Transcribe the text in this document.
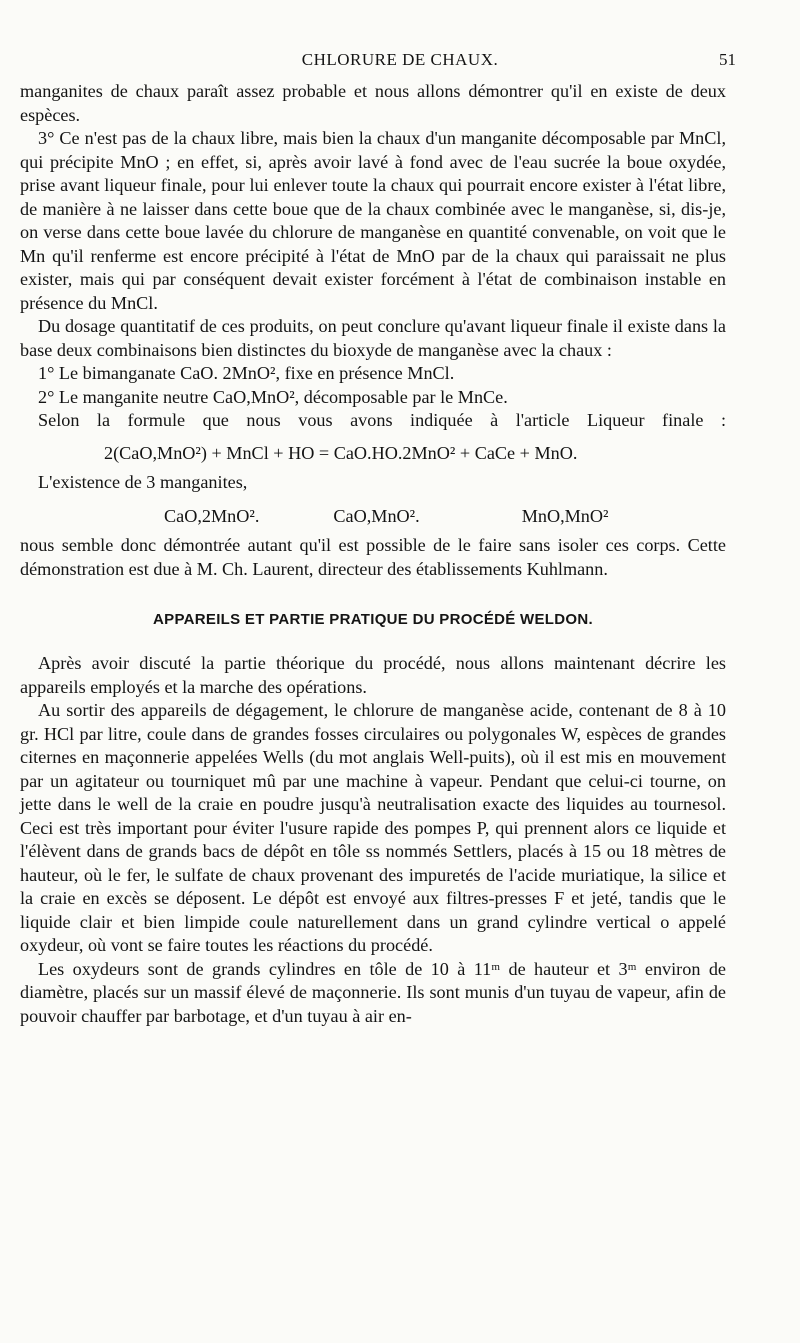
CHLORURE DE CHAUX.	51

manganites de chaux paraît assez probable et nous allons démontrer qu'il en existe de deux espèces.

3° Ce n'est pas de la chaux libre, mais bien la chaux d'un manganite décomposable par MnCl, qui précipite MnO ; en effet, si, après avoir lavé à fond avec de l'eau sucrée la boue oxydée, prise avant liqueur finale, pour lui enlever toute la chaux qui pourrait encore exister à l'état libre, de manière à ne laisser dans cette boue que de la chaux combinée avec le manganèse, si, dis-je, on verse dans cette boue lavée du chlorure de manganèse en quantité convenable, on voit que le Mn qu'il renferme est encore précipité à l'état de MnO par de la chaux qui paraissait ne plus exister, mais qui par conséquent devait exister forcément à l'état de combinaison instable en présence du MnCl.

Du dosage quantitatif de ces produits, on peut conclure qu'avant liqueur finale il existe dans la base deux combinaisons bien distinctes du bioxyde de manganèse avec la chaux :

1° Le bimanganate CaO. 2MnO², fixe en présence MnCl.

2° Le manganite neutre CaO,MnO², décomposable par le MnCe.

Selon la formule que nous vous avons indiquée à l'article Liqueur finale :

2(CaO,MnO²) + MnCl + HO = CaO.HO.2MnO² + CaCe + MnO.

L'existence de 3 manganites,

CaO,2MnO².	CaO,MnO².	MnO,MnO²

nous semble donc démontrée autant qu'il est possible de le faire sans isoler ces corps. Cette démonstration est due à M. Ch. Laurent, directeur des établissements Kuhlmann.

APPAREILS ET PARTIE PRATIQUE DU PROCÉDÉ WELDON.

Après avoir discuté la partie théorique du procédé, nous allons maintenant décrire les appareils employés et la marche des opérations.

Au sortir des appareils de dégagement, le chlorure de manganèse acide, contenant de 8 à 10 gr. HCl par litre, coule dans de grandes fosses circulaires ou polygonales W, espèces de grandes citernes en maçonnerie appelées Wells (du mot anglais Well-puits), où il est mis en mouvement par un agitateur ou tourniquet mû par une machine à vapeur. Pendant que celui-ci tourne, on jette dans le well de la craie en poudre jusqu'à neutralisation exacte des liquides au tournesol. Ceci est très important pour éviter l'usure rapide des pompes P, qui prennent alors ce liquide et l'élèvent dans de grands bacs de dépôt en tôle ss nommés Settlers, placés à 15 ou 18 mètres de hauteur, où le fer, le sulfate de chaux provenant des impuretés de l'acide muriatique, la silice et la craie en excès se déposent. Le dépôt est envoyé aux filtres-presses F et jeté, tandis que le liquide clair et bien limpide coule naturellement dans un grand cylindre vertical o appelé oxydeur, où vont se faire toutes les réactions du procédé.

Les oxydeurs sont de grands cylindres en tôle de 10 à 11ᵐ de hauteur et 3ᵐ environ de diamètre, placés sur un massif élevé de maçonnerie. Ils sont munis d'un tuyau de vapeur, afin de pouvoir chauffer par barbotage, et d'un tuyau à air en-
